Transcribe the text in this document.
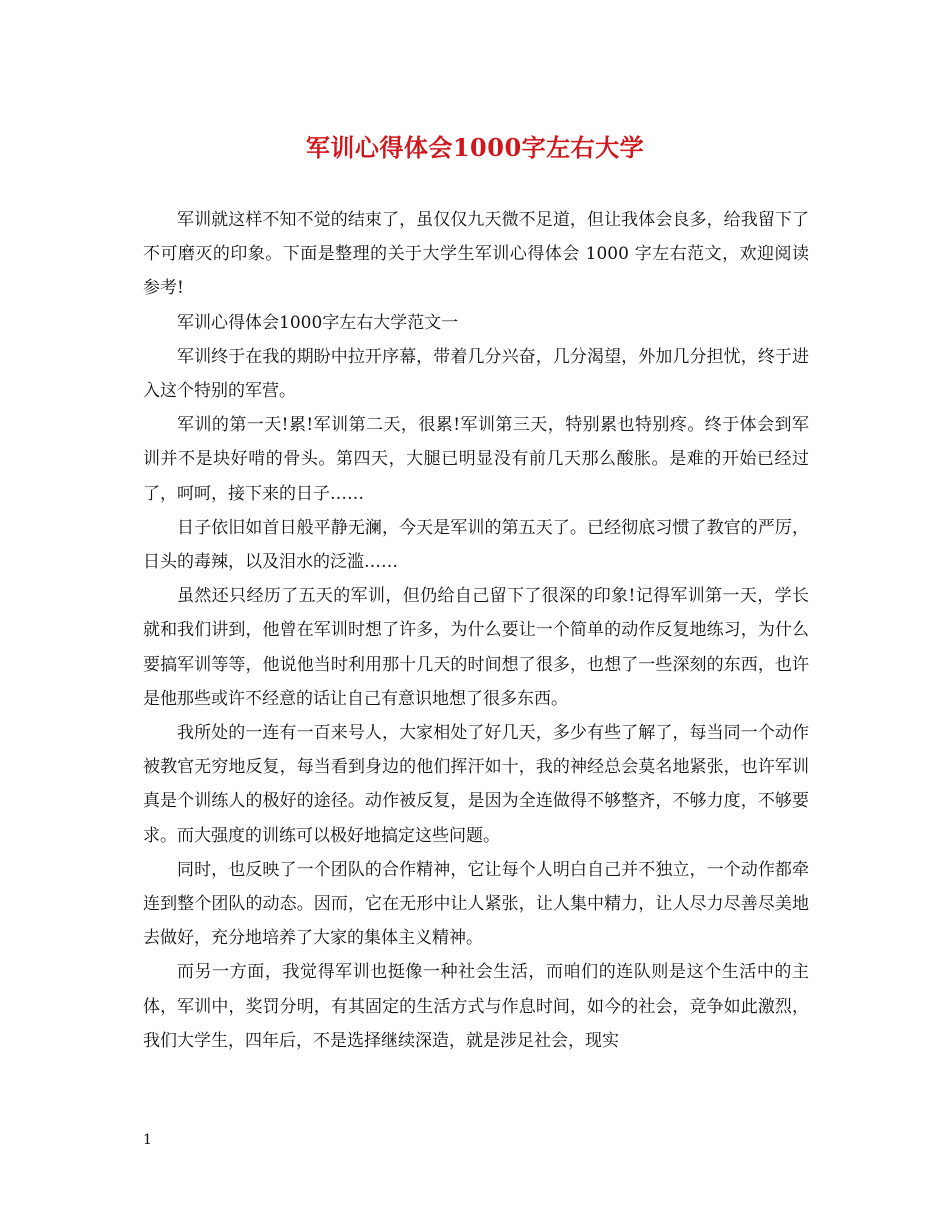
军训心得体会1000字左右大学

军训就这样不知不觉的结束了，虽仅仅九天微不足道，但让我体会良多，给我留下了不可磨灭的印象。下面是整理的关于大学生军训心得体会 1000 字左右范文，欢迎阅读参考!

军训心得体会1000字左右大学范文一

军训终于在我的期盼中拉开序幕，带着几分兴奋，几分渴望，外加几分担忧，终于进入这个特别的军营。

军训的第一天!累!军训第二天，很累!军训第三天，特别累也特别疼。终于体会到军训并不是块好啃的骨头。第四天，大腿已明显没有前几天那么酸胀。是难的开始已经过了，呵呵，接下来的日子……

日子依旧如首日般平静无澜，今天是军训的第五天了。已经彻底习惯了教官的严厉，日头的毒辣，以及泪水的泛滥……

虽然还只经历了五天的军训，但仍给自己留下了很深的印象!记得军训第一天，学长就和我们讲到，他曾在军训时想了许多，为什么要让一个简单的动作反复地练习，为什么要搞军训等等，他说他当时利用那十几天的时间想了很多，也想了一些深刻的东西，也许是他那些或许不经意的话让自己有意识地想了很多东西。

我所处的一连有一百来号人，大家相处了好几天，多少有些了解了，每当同一个动作被教官无穷地反复，每当看到身边的他们挥汗如十，我的神经总会莫名地紧张，也许军训真是个训练人的极好的途径。动作被反复，是因为全连做得不够整齐，不够力度，不够要求。而大强度的训练可以极好地搞定这些问题。

同时，也反映了一个团队的合作精神，它让每个人明白自己并不独立，一个动作都牵连到整个团队的动态。因而，它在无形中让人紧张，让人集中精力，让人尽力尽善尽美地去做好，充分地培养了大家的集体主义精神。

而另一方面，我觉得军训也挺像一种社会生活，而咱们的连队则是这个生活中的主体，军训中，奖罚分明，有其固定的生活方式与作息时间，如今的社会，竞争如此激烈，我们大学生，四年后，不是选择继续深造，就是涉足社会，现实

1
